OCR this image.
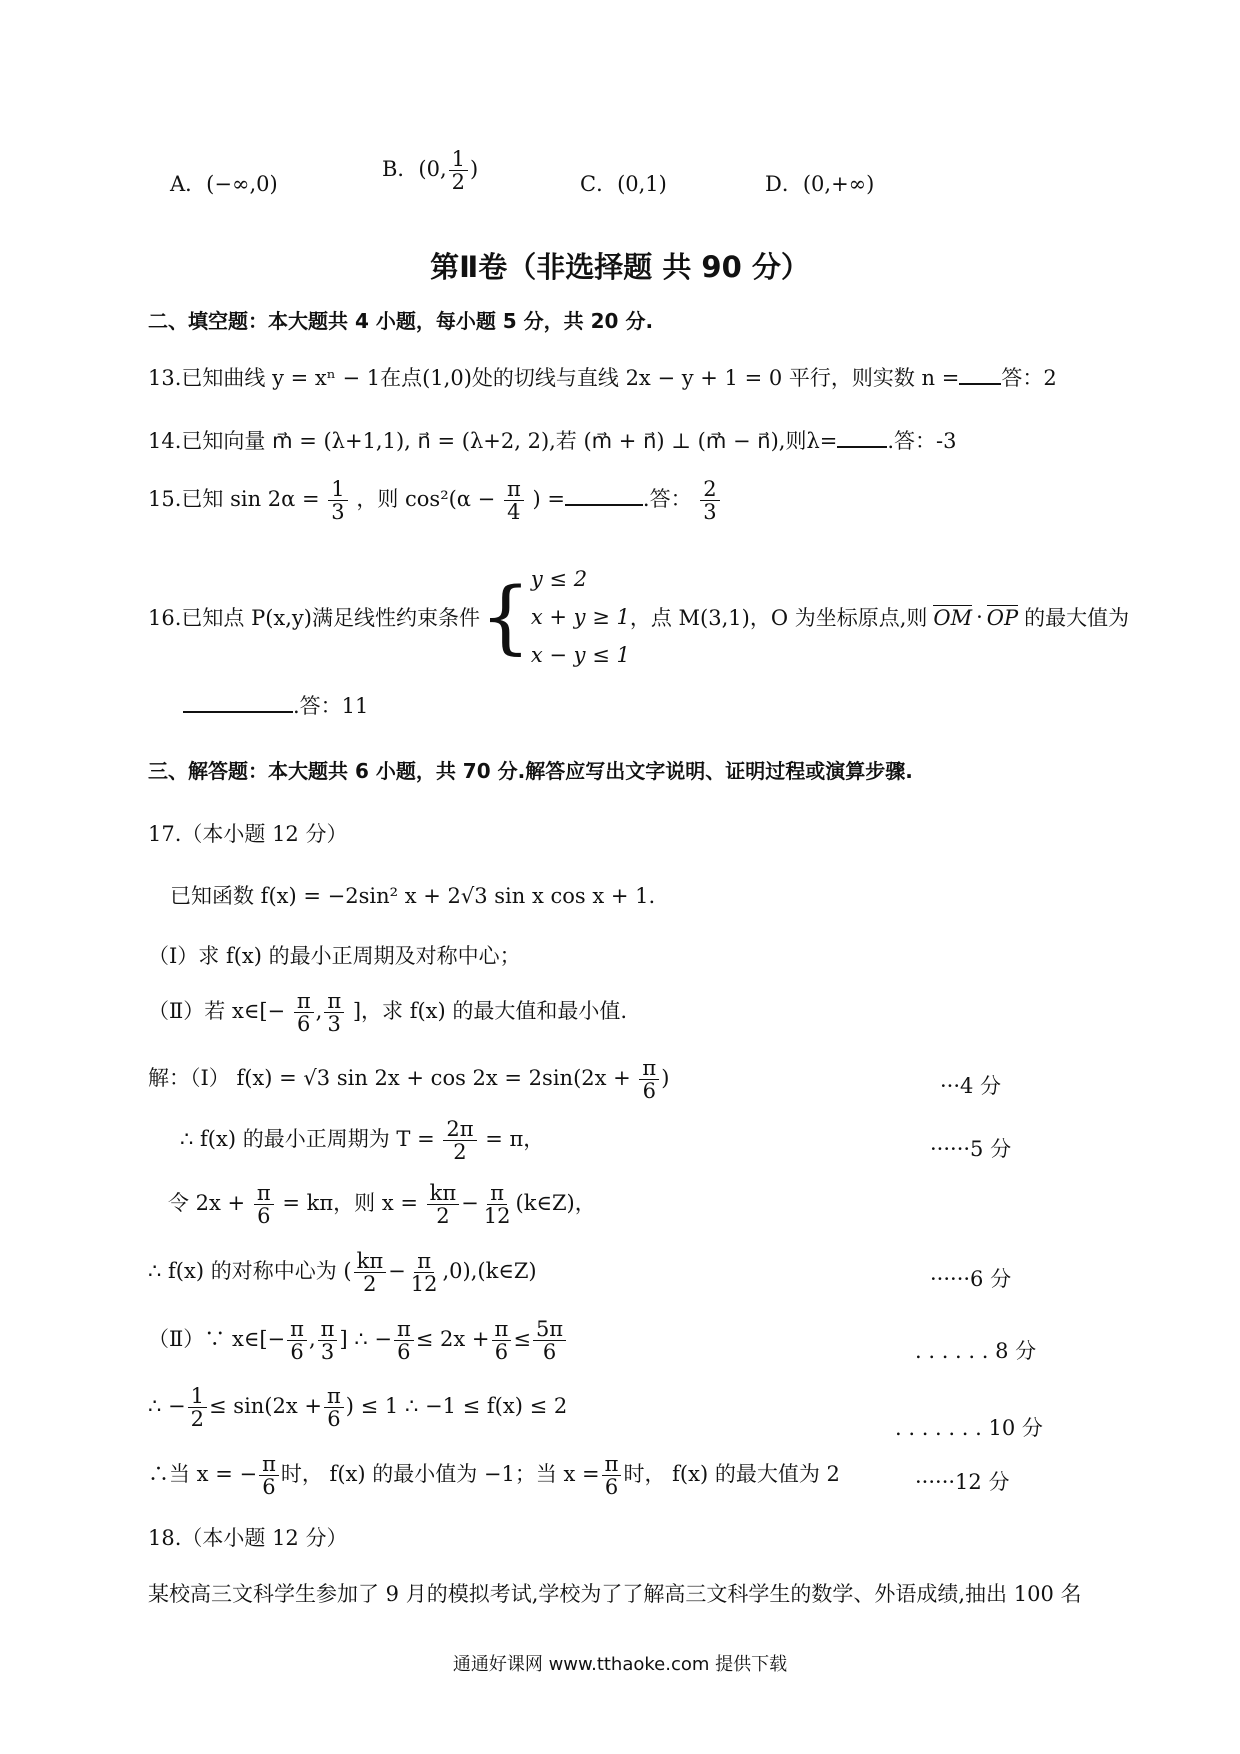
A．(−∞,0)
B．(0, $\frac{1}{2}$ )
C．(0,1)	D．(0,+∞)
第Ⅱ卷（非选择题 共 90 分）
二、填空题：本大题共 4 小题，每小题 5 分，共 20 分.
13.已知曲线 y = xⁿ − 1在点(1,0)处的切线与直线 2x − y + 1 = 0 平行，则实数 n = 答：2
14.已知向量 m⃗ = (λ+1,1), n⃗ = (λ+2, 2),若 (m⃗ + n⃗) ⊥ (m⃗ − n⃗),则λ= .答：-3
15.已知 $\sin 2\alpha = \frac{1}{3}$ ，则 $\cos^2(\alpha - \frac{\pi}{4}$ ) =	.答： $\frac{2}{3}$
16.已知点 P(x,y)满足线性约束条件 { y ≤ 2
x + y ≥ 1
x − y ≤ 1
，点 M(3,1)，O 为坐标原点,则 OM · OP 的最大值为
.答：11
三、解答题：本大题共 6 小题，共 70 分.解答应写出文字说明、证明过程或演算步骤.
17.（本小题 12 分）
已知函数 f(x) = −2sin² x + 2√3 sin x cos x + 1.
（Ⅰ）求 f(x) 的最小正周期及对称中心；
（Ⅱ）若 x∈[− $\frac{\pi}{6}$ , $\frac{\pi}{3}$ ]，求 f(x) 的最大值和最小值.
解：（Ⅰ） f(x) = √3 $\sin 2x + \cos 2x = 2\sin(2x + \frac{\pi}{6}$ )	···4 分
∴ f(x) 的最小正周期为 $T = \frac{2\pi}{2} = \pi$，	······5 分
令 $2x + \frac{\pi}{6} = k\pi$，则 $x = \frac{k\pi}{2} - \frac{\pi}{12}$ (k∈Z)，
∴ f(x) 的对称中心为 ( $\frac{k\pi}{2} - \frac{\pi}{12}$ ,0),(k∈Z)	······6 分
（Ⅱ）∵ x∈[− $\frac{\pi}{6}$ , $\frac{\pi}{3}$ ] ∴ − $\frac{\pi}{6} \le 2x + \frac{\pi}{6} \le \frac{5\pi}{6}$	. . . . . . 8 分
∴ − $\frac{1}{2} \le \sin(2x + \frac{\pi}{6}$ ) ≤ 1 ∴ −1 ≤ f(x) ≤ 2
. . . . . . . 10 分
∴当 x = − $\frac{\pi}{6}$ 时， f(x) 的最小值为 −1；当 $x = \frac{\pi}{6}$ 时， f(x) 的最大值为 2	······12 分
18.（本小题 12 分）
某校高三文科学生参加了 9 月的模拟考试,学校为了了解高三文科学生的数学、外语成绩,抽出 100 名
通通好课网 www.tthaoke.com 提供下载
